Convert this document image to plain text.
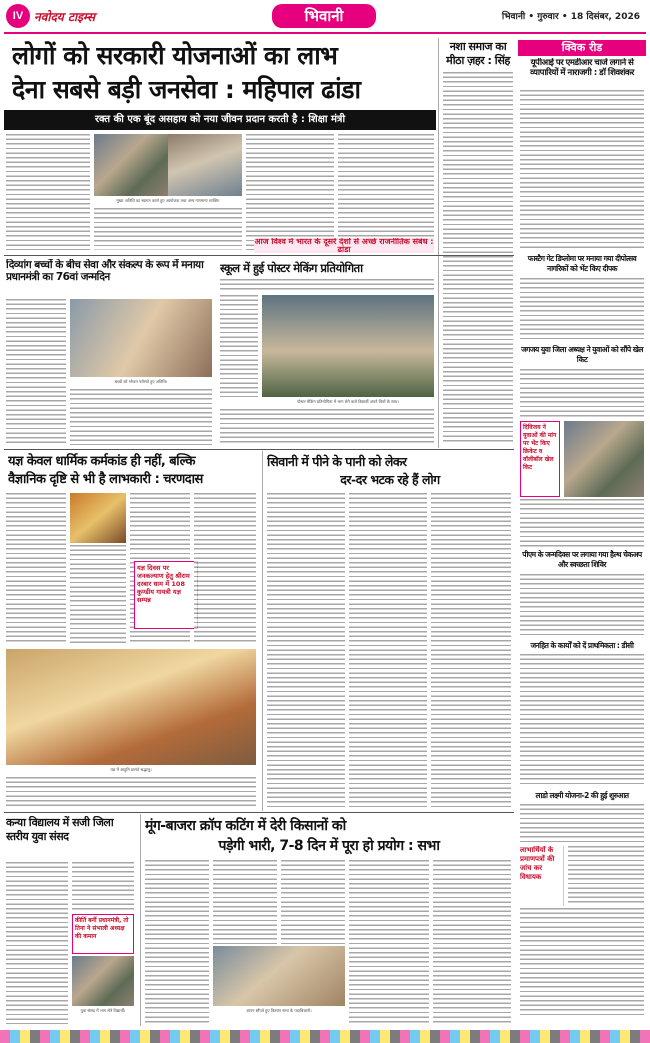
IV नवोदय टाइम्स	भिवानी	भिवानी • गुरुवार • 18 दिसंबर, 2026
लोगों को सरकारी योजनाओं का लाभ
देना सबसे बड़ी जनसेवा : महिपाल ढांडा
रक्त की एक बूंद असहाय को नया जीवन प्रदान करती है : शिक्षा मंत्री
मुख्य अतिथि का स्वागत करते हुए आयोजक तथा अन्य गणमान्य व्यक्ति।
आज विश्व में भारत के दूसरे देशों से अच्छे राजनीतिक संबंध : ढांडा
नशा समाज का मीठा ज़हर : सिंह
क्विक रीड
यूपीआई पर एमडीआर चार्ज लगाने से व्यापारियों में नाराजगी : डॉ शिवशंकर
फास्टैग गेट डिप्लोमा पर मनाया गया दीपोत्सव नागरिकों को भेंट किए दीपक
जगजय युवा जिला अध्यक्ष ने युवाओं को सौंपे खेल किट
दिविजय ने युवाओं की मांग पर भेंट किए क्रिकेट व वॉलीबॉल खेल किट
पीएम के जन्मदिवस पर लगाया गया हैल्थ चेकअप और स्वच्छता शिविर
जनहित के कार्यों को दें प्राथमिकता : डीसी
लाडो लक्ष्मी योजना-2 की हुई शुरुआत
लाभार्थियों के प्रमाणपत्रों की जांच कर विधायक
दिव्यांग बच्चों के बीच सेवा और संकल्प के रूप में मनाया प्रधानमंत्री का 76वां जन्मदिन
बच्चों को भोजन परोसते हुए अतिथि।
स्कूल में हुई पोस्टर मेकिंग प्रतियोगिता
पोस्टर मेकिंग प्रतियोगिता में भाग लेने वाले विद्यार्थी अपने चित्रों के साथ।
यज्ञ केवल धार्मिक कर्मकांड ही नहीं, बल्कि
वैज्ञानिक दृष्टि से भी है लाभकारी : चरणदास
यज्ञ दिवस पर जनकल्याण हेतु श्रीराम दरबार धाम में 108 कुण्डीय गायत्री यज्ञ सम्पन्न
यज्ञ में आहुति डालते श्रद्धालु।
सिवानी में पीने के पानी को लेकर
दर-दर भटक रहे हैं लोग
कन्या विद्यालय में सजी जिला स्तरीय युवा संसद
कीर्ति बनीं प्रधानमंत्री, तो तिना ने संभाली अध्यक्ष की कमान
युवा संसद में भाग लेते विद्यार्थी।
मूंग-बाजरा क्रॉप कटिंग में देरी किसानों को
पड़ेगी भारी, 7-8 दिन में पूरा हो प्रयोग : सभा
ज्ञापन सौंपते हुए किसान सभा के पदाधिकारी।
